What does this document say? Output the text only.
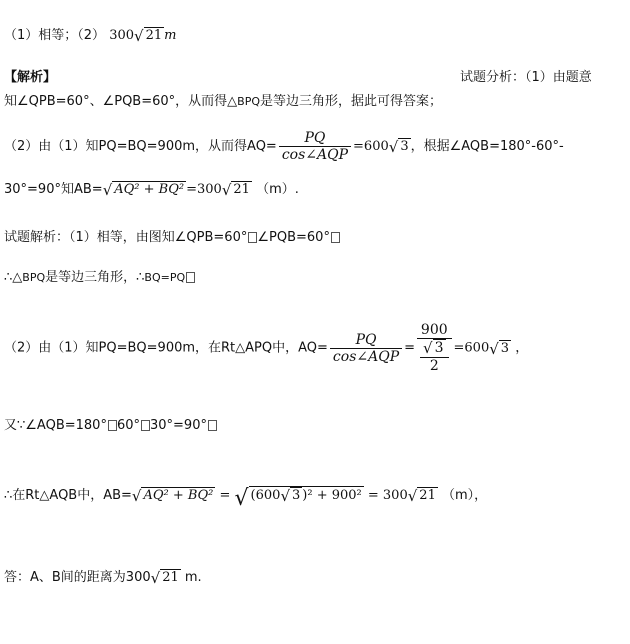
（1）相等；（2） 300√ 21 m
【解析】	试题分析：（1）由题意
知∠QPB=60°、∠PQB=60°，从而得△BPQ是等边三角形，据此可得答案；
（2）由（1）知PQ=BQ=900m，从而得$AQ= \frac{PQ}{\text{cos∠AQP}} =600√$ 3 ，根据∠AQB=180°-60°-
30°=90°知AB=√ AQ² + BQ² =300√ 21 （m）.
试题解析：（1）相等，由图知∠QPB=60° ∠PQB=60°
∴△BPQ是等边三角形，∴BQ=PQ
（2）由（1）知PQ=BQ=900m，在Rt△APQ中，$AQ= \frac{PQ}{\text{cos∠AQP}} = \frac{900}{\frac{√ 3}{2}} =600√$ 3 ，
又∵∠AQB=180° 60° 30°=90°
∴在Rt△AQB中，AB=√ AQ² + BQ² = √ (600√ 3 )² + 900² = 300√ 21 （m），
答：A、B间的距离为300√ 21 m.
